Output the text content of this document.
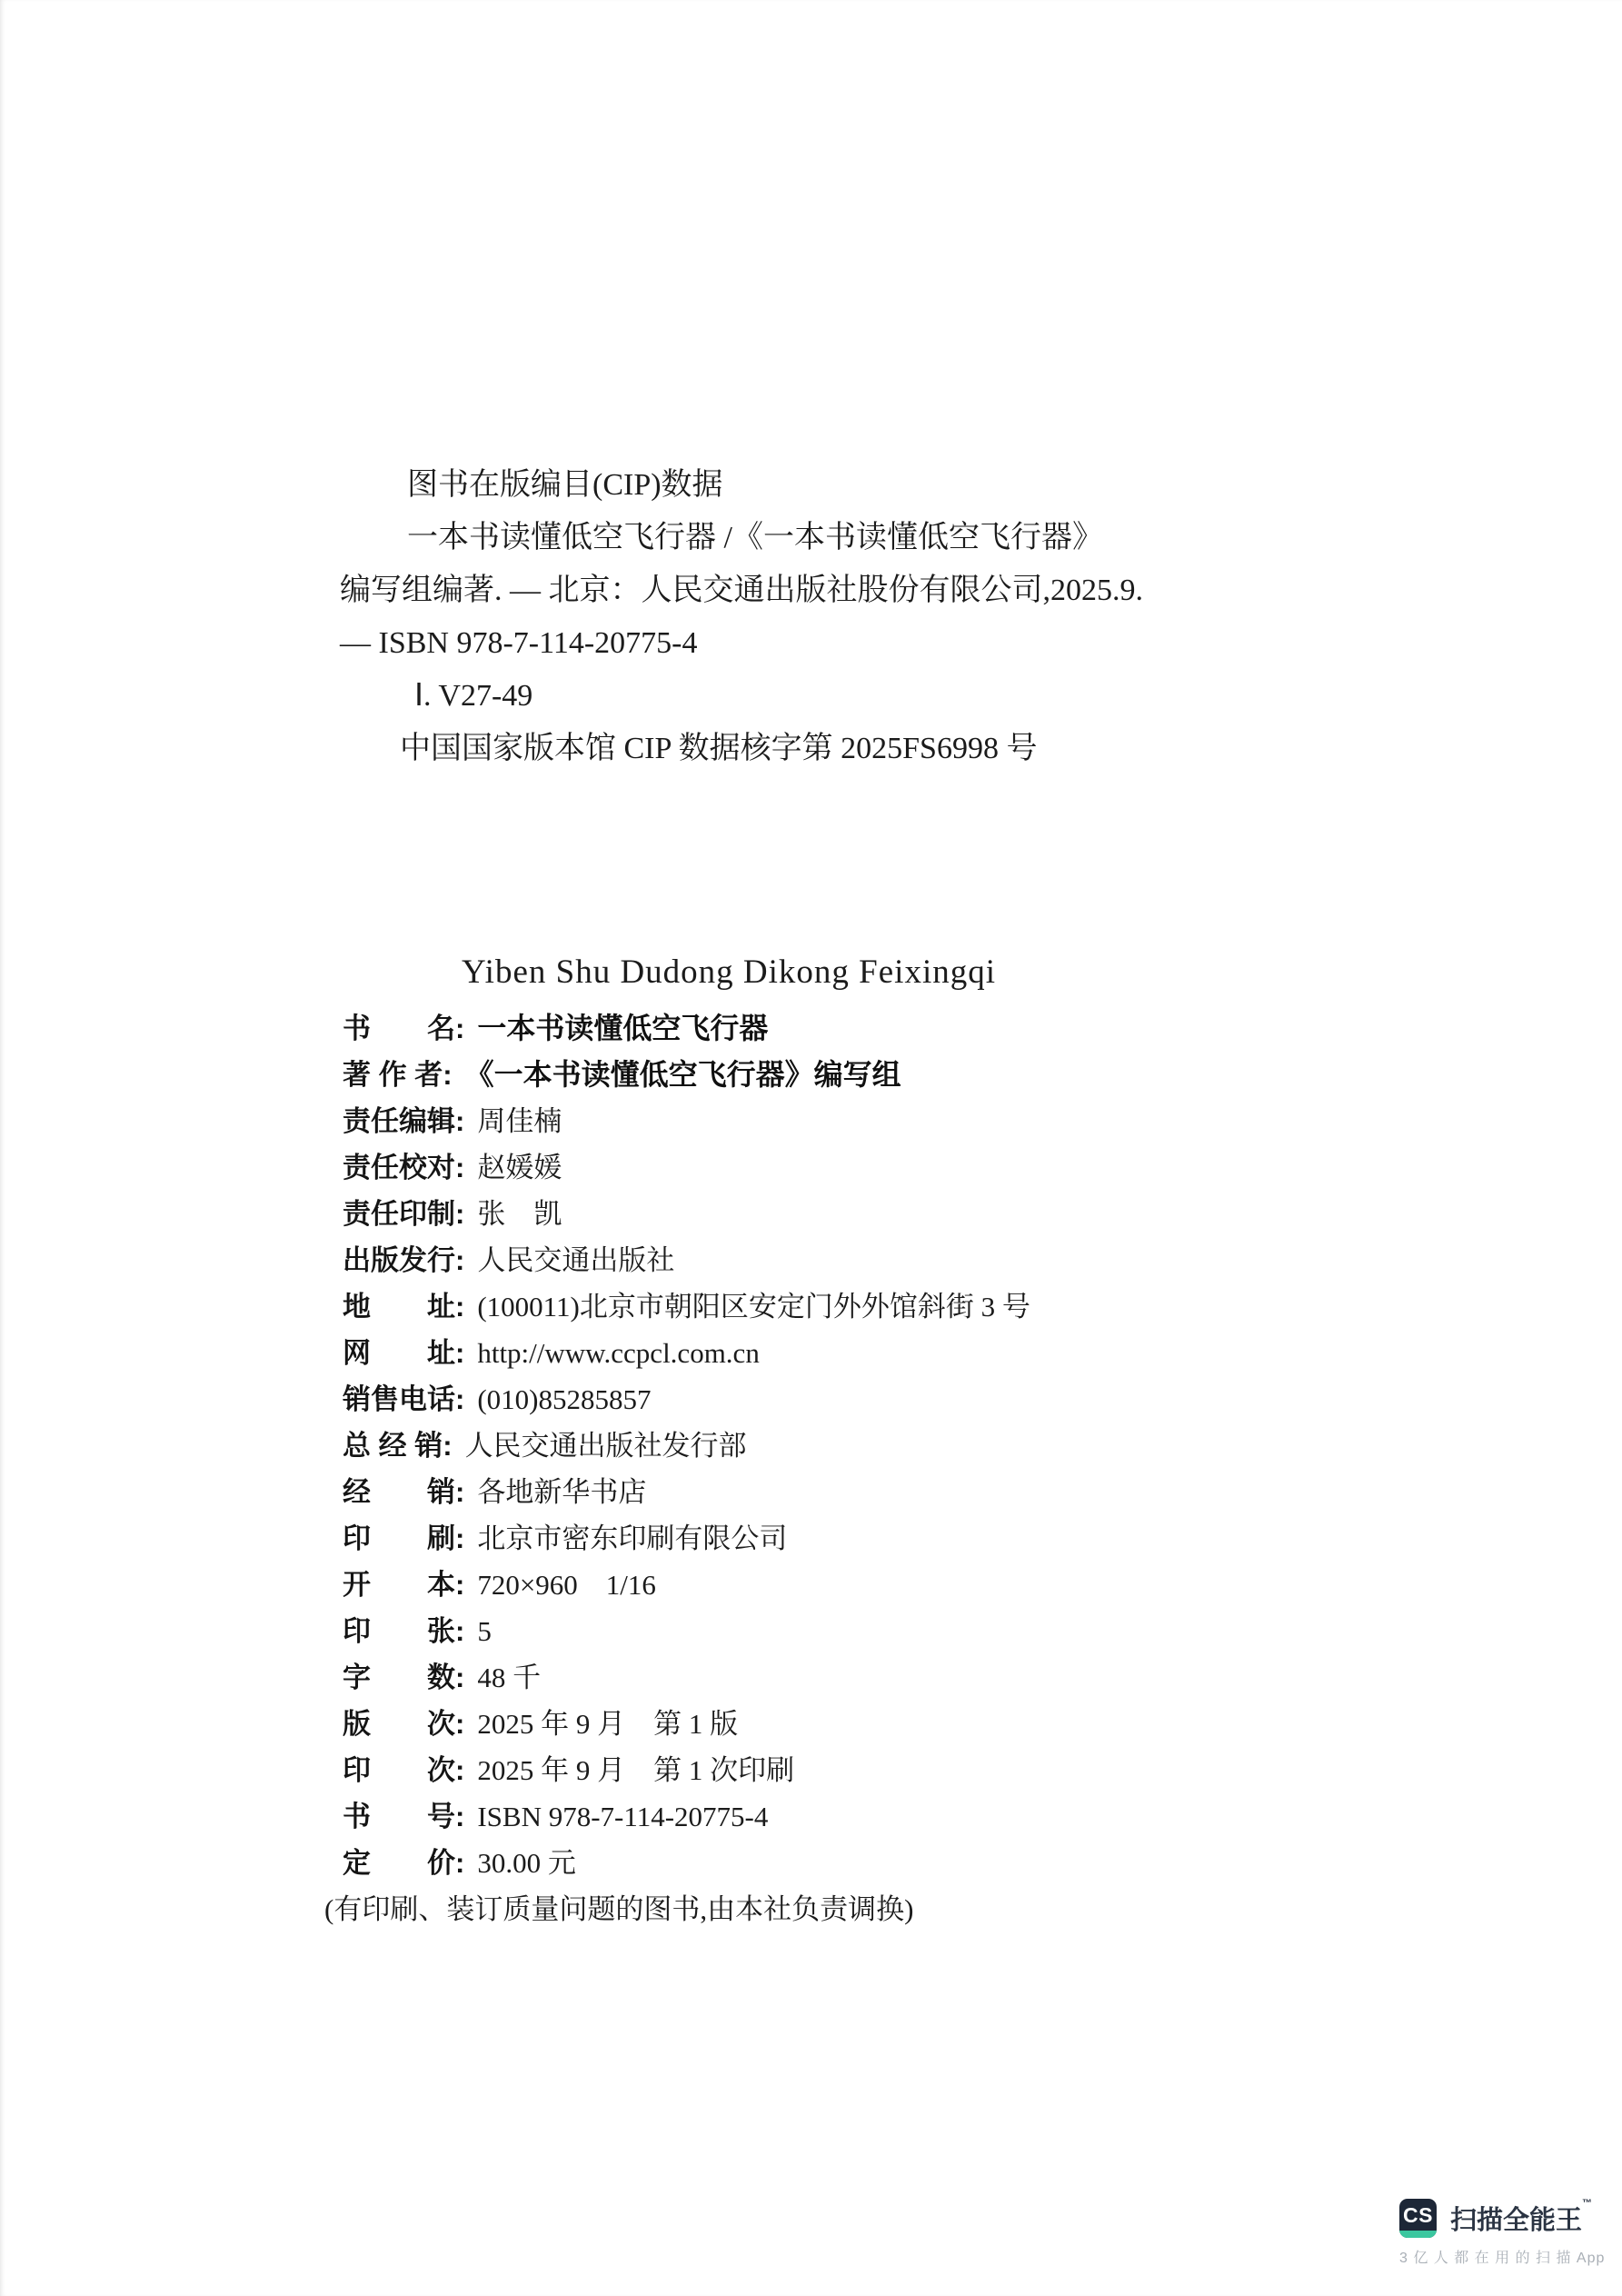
图书在版编目(CIP)数据
一本书读懂低空飞行器 /《一本书读懂低空飞行器》
编写组编著. — 北京：人民交通出版社股份有限公司,2025.9.
— ISBN 978-7-114-20775-4
Ⅰ. V27-49
中国国家版本馆 CIP 数据核字第 2025FS6998 号
Yiben Shu Dudong Dikong Feixingqi
书　　名: 一本书读懂低空飞行器
著 作 者: 《一本书读懂低空飞行器》编写组
责任编辑: 周佳楠
责任校对: 赵媛媛
责任印制: 张　凯
出版发行: 人民交通出版社
地　　址: (100011)北京市朝阳区安定门外外馆斜街 3 号
网　　址: http://www.ccpcl.com.cn
销售电话: (010)85285857
总 经 销: 人民交通出版社发行部
经　　销: 各地新华书店
印　　刷: 北京市密东印刷有限公司
开　　本: 720×960　1/16
印　　张: 5
字　　数: 48 千
版　　次: 2025 年 9 月　第 1 版
印　　次: 2025 年 9 月　第 1 次印刷
书　　号: ISBN 978-7-114-20775-4
定　　价: 30.00 元
(有印刷、装订质量问题的图书,由本社负责调换)
CS 扫描全能王™
3 亿 人 都 在 用 的 扫 描 App
